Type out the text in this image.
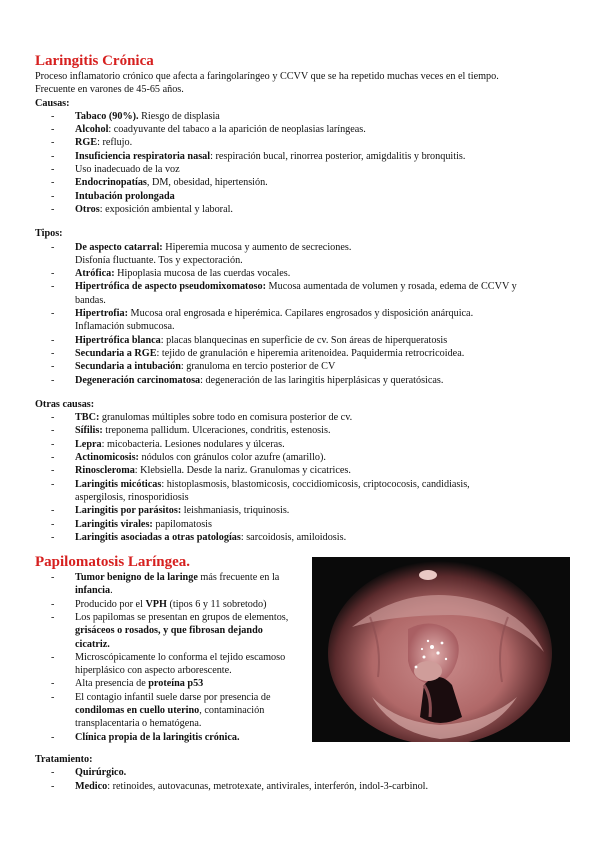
Laringitis Crónica

Proceso inflamatorio crónico que afecta a faringolaríngeo y CCVV que se ha repetido muchas veces en el tiempo.

Frecuente en varones de 45-65 años.

Causas:

- Tabaco (90%). Riesgo de displasia
- Alcohol: coadyuvante del tabaco a la aparición de neoplasias laríngeas.
- RGE: reflujo.
- Insuficiencia respiratoria nasal: respiración bucal, rinorrea posterior, amigdalitis y bronquitis.
- Uso inadecuado de la voz
- Endocrinopatías, DM, obesidad, hipertensión.
- Intubación prolongada
- Otros: exposición ambiental y laboral.

Tipos:

- De aspecto catarral: Hiperemia mucosa y aumento de secreciones.
Disfonía fluctuante. Tos y expectoración.
- Atrófica: Hipoplasia mucosa de las cuerdas vocales.
- Hipertrófica de aspecto pseudomixomatoso: Mucosa aumentada de volumen y rosada, edema de CCVV y
bandas.
- Hipertrofia: Mucosa oral engrosada e hiperémica. Capilares engrosados y disposición anárquica.
Inflamación submucosa.
- Hipertrófica blanca: placas blanquecinas en superficie de cv. Son áreas de hiperqueratosis
- Secundaria a RGE: tejido de granulación e hiperemia aritenoidea. Paquidermia retrocricoidea.
- Secundaria a intubación: granuloma en tercio posterior de CV
- Degeneración carcinomatosa: degeneración de las laringitis hiperplásicas y queratósicas.

Otras causas:

- TBC: granulomas múltiples sobre todo en comisura posterior de cv.
- Sífilis: treponema pallidum. Ulceraciones, condritis, estenosis.
- Lepra: micobacteria. Lesiones nodulares y úlceras.
- Actinomicosis: nódulos con gránulos color azufre (amarillo).
- Rinoscleroma: Klebsiella. Desde la nariz. Granulomas y cicatrices.
- Laringitis micóticas: histoplasmosis, blastomicosis, coccidiomicosis, criptococosis, candidiasis,
aspergilosis, rinosporidiosis
- Laringitis por parásitos: leishmaniasis, triquinosis.
- Laringitis virales: papilomatosis
- Laringitis asociadas a otras patologías: sarcoidosis, amiloidosis.
Papilomatosis Laríngea.
- Tumor benigno de la laringe más frecuente en la infancia.
- Producido por el VPH (tipos 6 y 11 sobretodo)
- Los papilomas se presentan en grupos de elementos, grisáceos o rosados, y que fibrosan dejando cicatriz.
- Microscópicamente lo conforma el tejido escamoso hiperplásico con aspecto arborescente.
- Alta presencia de proteína p53
- El contagio infantil suele darse por presencia de condilomas en cuello uterino, contaminación transplacentaria o hematógena.
- Clínica propia de la laringitis crónica.

Tratamiento:

- Quirúrgico.
- Medico: retinoides, autovacunas, metrotexate, antivirales, interferón, indol-3-carbinol.
